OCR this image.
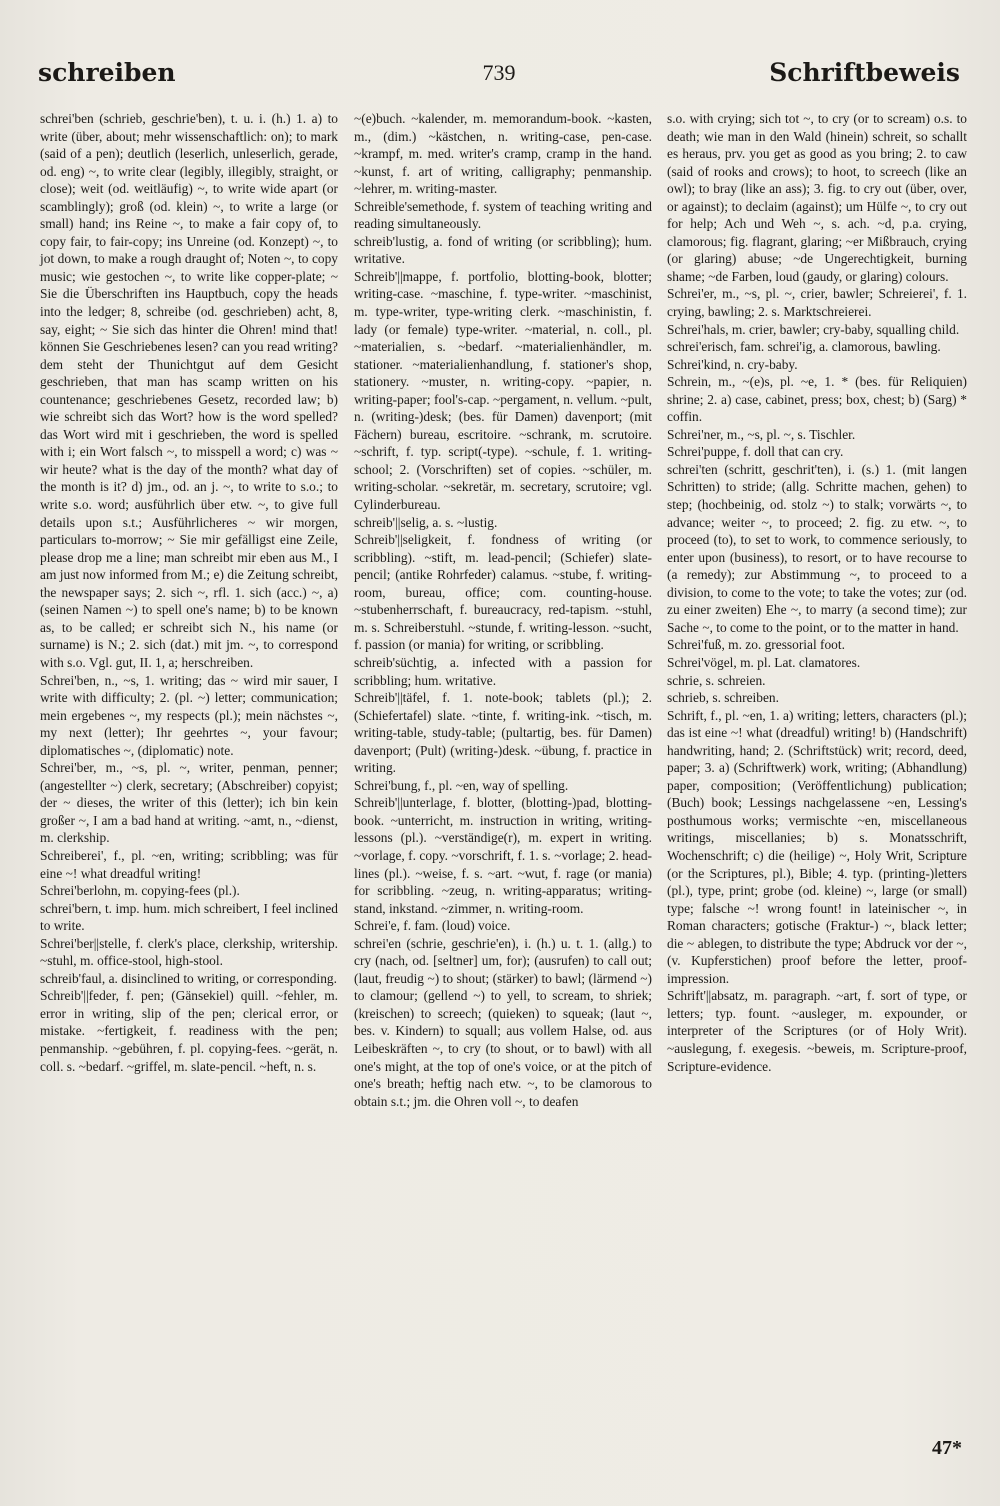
schreiben	739	Schriftbeweis

schrei'ben (schrieb, geschrie'ben), t. u. i. (h.) 1. a) to write (über, about; mehr wissenschaftlich: on); to mark (said of a pen); deutlich (leserlich, unleserlich, gerade, od. eng) ~, to write clear (legibly, illegibly, straight, or close); weit (od. weitläufig) ~, to write wide apart (or scamblingly); groß (od. klein) ~, to write a large (or small) hand; ins Reine ~, to make a fair copy of, to copy fair, to fair-copy; ins Unreine (od. Konzept) ~, to jot down, to make a rough draught of; Noten ~, to copy music; wie gestochen ~, to write like copper-plate; ~ Sie die Überschriften ins Hauptbuch, copy the heads into the ledger; 8, schreibe (od. geschrieben) acht, 8, say, eight; ~ Sie sich das hinter die Ohren! mind that! können Sie Geschriebenes lesen? can you read writing? dem steht der Thunichtgut auf dem Gesicht geschrieben, that man has scamp written on his countenance; geschriebenes Gesetz, recorded law; b) wie schreibt sich das Wort? how is the word spelled? das Wort wird mit i geschrieben, the word is spelled with i; ein Wort falsch ~, to misspell a word; c) was ~ wir heute? what is the day of the month? what day of the month is it? d) jm., od. an j. ~, to write to s.o.; to write s.o. word; ausführlich über etw. ~, to give full details upon s.t.; Ausführlicheres ~ wir morgen, particulars to-morrow; ~ Sie mir gefälligst eine Zeile, please drop me a line; man schreibt mir eben aus M., I am just now informed from M.; e) die Zeitung schreibt, the newspaper says; 2. sich ~, rfl. 1. sich (acc.) ~, a) (seinen Namen ~) to spell one's name; b) to be known as, to be called; er schreibt sich N., his name (or surname) is N.; 2. sich (dat.) mit jm. ~, to correspond with s.o. Vgl. gut, II. 1, a; herschreiben.

Schrei'ben, n., ~s, 1. writing; das ~ wird mir sauer, I write with difficulty; 2. (pl. ~) letter; communication; mein ergebenes ~, my respects (pl.); mein nächstes ~, my next (letter); Ihr geehrtes ~, your favour; diplomatisches ~, (diplomatic) note.

Schrei'ber, m., ~s, pl. ~, writer, penman, penner; (angestellter ~) clerk, secretary; (Abschreiber) copyist; der ~ dieses, the writer of this (letter); ich bin kein großer ~, I am a bad hand at writing. ~amt, n., ~dienst, m. clerkship.

Schreiberei', f., pl. ~en, writing; scribbling; was für eine ~! what dreadful writing!

Schrei'berlohn, m. copying-fees (pl.).

schrei'bern, t. imp. hum. mich schreibert, I feel inclined to write.

Schrei'ber||stelle, f. clerk's place, clerkship, writership. ~stuhl, m. office-stool, high-stool.

schreib'faul, a. disinclined to writing, or corresponding.

Schreib'||feder, f. pen; (Gänsekiel) quill. ~fehler, m. error in writing, slip of the pen; clerical error, or mistake. ~fertigkeit, f. readiness with the pen; penmanship. ~gebühren, f. pl. copying-fees. ~gerät, n. coll. s. ~bedarf. ~griffel, m. slate-pencil. ~heft, n. s.

~(e)buch. ~kalender, m. memorandum-book. ~kasten, m., (dim.) ~kästchen, n. writing-case, pen-case. ~krampf, m. med. writer's cramp, cramp in the hand. ~kunst, f. art of writing, calligraphy; penmanship. ~lehrer, m. writing-master.

Schreible'semethode, f. system of teaching writing and reading simultaneously.

schreib'lustig, a. fond of writing (or scribbling); hum. writative.

Schreib'||mappe, f. portfolio, blotting-book, blotter; writing-case. ~maschine, f. type-writer. ~maschinist, m. type-writer, type-writing clerk. ~maschinistin, f. lady (or female) type-writer. ~material, n. coll., pl. ~materialien, s. ~bedarf. ~materialienhändler, m. stationer. ~materialienhandlung, f. stationer's shop, stationery. ~muster, n. writing-copy. ~papier, n. writing-paper; fool's-cap. ~pergament, n. vellum. ~pult, n. (writing-)desk; (bes. für Damen) davenport; (mit Fächern) bureau, escritoire. ~schrank, m. scrutoire. ~schrift, f. typ. script(-type). ~schule, f. 1. writing-school; 2. (Vorschriften) set of copies. ~schüler, m. writing-scholar. ~sekretär, m. secretary, scrutoire; vgl. Cylinderbureau.

schreib'||selig, a. s. ~lustig.

Schreib'||seligkeit, f. fondness of writing (or scribbling). ~stift, m. lead-pencil; (Schiefer) slate-pencil; (antike Rohrfeder) calamus. ~stube, f. writing-room, bureau, office; com. counting-house. ~stubenherrschaft, f. bureaucracy, red-tapism. ~stuhl, m. s. Schreiberstuhl. ~stunde, f. writing-lesson. ~sucht, f. passion (or mania) for writing, or scribbling.

schreib'süchtig, a. infected with a passion for scribbling; hum. writative.

Schreib'||täfel, f. 1. note-book; tablets (pl.); 2. (Schiefertafel) slate. ~tinte, f. writing-ink. ~tisch, m. writing-table, study-table; (pultartig, bes. für Damen) davenport; (Pult) (writing-)desk. ~übung, f. practice in writing.

Schrei'bung, f., pl. ~en, way of spelling.

Schreib'||unterlage, f. blotter, (blotting-)pad, blotting-book. ~unterricht, m. instruction in writing, writing-lessons (pl.). ~verständige(r), m. expert in writing. ~vorlage, f. copy. ~vorschrift, f. 1. s. ~vorlage; 2. head-lines (pl.). ~weise, f. s. ~art. ~wut, f. rage (or mania) for scribbling. ~zeug, n. writing-apparatus; writing-stand, inkstand. ~zimmer, n. writing-room.

Schrei'e, f. fam. (loud) voice.

schrei'en (schrie, geschrie'en), i. (h.) u. t. 1. (allg.) to cry (nach, od. [seltner] um, for); (ausrufen) to call out; (laut, freudig ~) to shout; (stärker) to bawl; (lärmend ~) to clamour; (gellend ~) to yell, to scream, to shriek; (kreischen) to screech; (quieken) to squeak; (laut ~, bes. v. Kindern) to squall; aus vollem Halse, od. aus Leibeskräften ~, to cry (to shout, or to bawl) with all one's might, at the top of one's voice, or at the pitch of one's breath; heftig nach etw. ~, to be clamorous to obtain s.t.; jm. die Ohren voll ~, to deafen

s.o. with crying; sich tot ~, to cry (or to scream) o.s. to death; wie man in den Wald (hinein) schreit, so schallt es heraus, prv. you get as good as you bring; 2. to caw (said of rooks and crows); to hoot, to screech (like an owl); to bray (like an ass); 3. fig. to cry out (über, over, or against); to declaim (against); um Hülfe ~, to cry out for help; Ach und Weh ~, s. ach. ~d, p.a. crying, clamorous; fig. flagrant, glaring; ~er Mißbrauch, crying (or glaring) abuse; ~de Ungerechtigkeit, burning shame; ~de Farben, loud (gaudy, or glaring) colours.

Schrei'er, m., ~s, pl. ~, crier, bawler; Schreierei', f. 1. crying, bawling; 2. s. Marktschreierei.

Schrei'hals, m. crier, bawler; cry-baby, squalling child.

schrei'erisch, fam. schrei'ig, a. clamorous, bawling.

Schrei'kind, n. cry-baby.

Schrein, m., ~(e)s, pl. ~e, 1. * (bes. für Reliquien) shrine; 2. a) case, cabinet, press; box, chest; b) (Sarg) * coffin.

Schrei'ner, m., ~s, pl. ~, s. Tischler.

Schrei'puppe, f. doll that can cry.

schrei'ten (schritt, geschrit'ten), i. (s.) 1. (mit langen Schritten) to stride; (allg. Schritte machen, gehen) to step; (hochbeinig, od. stolz ~) to stalk; vorwärts ~, to advance; weiter ~, to proceed; 2. fig. zu etw. ~, to proceed (to), to set to work, to commence seriously, to enter upon (business), to resort, or to have recourse to (a remedy); zur Abstimmung ~, to proceed to a division, to come to the vote; to take the votes; zur (od. zu einer zweiten) Ehe ~, to marry (a second time); zur Sache ~, to come to the point, or to the matter in hand.

Schrei'fuß, m. zo. gressorial foot.

Schrei'vögel, m. pl. Lat. clamatores.

schrie, s. schreien.

schrieb, s. schreiben.

Schrift, f., pl. ~en, 1. a) writing; letters, characters (pl.); das ist eine ~! what (dreadful) writing! b) (Handschrift) handwriting, hand; 2. (Schriftstück) writ; record, deed, paper; 3. a) (Schriftwerk) work, writing; (Abhandlung) paper, composition; (Veröffentlichung) publication; (Buch) book; Lessings nachgelassene ~en, Lessing's posthumous works; vermischte ~en, miscellaneous writings, miscellanies; b) s. Monatsschrift, Wochenschrift; c) die (heilige) ~, Holy Writ, Scripture (or the Scriptures, pl.), Bible; 4. typ. (printing-)letters (pl.), type, print; grobe (od. kleine) ~, large (or small) type; falsche ~! wrong fount! in lateinischer ~, in Roman characters; gotische (Fraktur-) ~, black letter; die ~ ablegen, to distribute the type; Abdruck vor der ~, (v. Kupferstichen) proof before the letter, proof-impression.

Schrift'||absatz, m. paragraph. ~art, f. sort of type, or letters; typ. fount. ~ausleger, m. expounder, or interpreter of the Scriptures (or of Holy Writ). ~auslegung, f. exegesis. ~beweis, m. Scripture-proof, Scripture-evidence.

47*
